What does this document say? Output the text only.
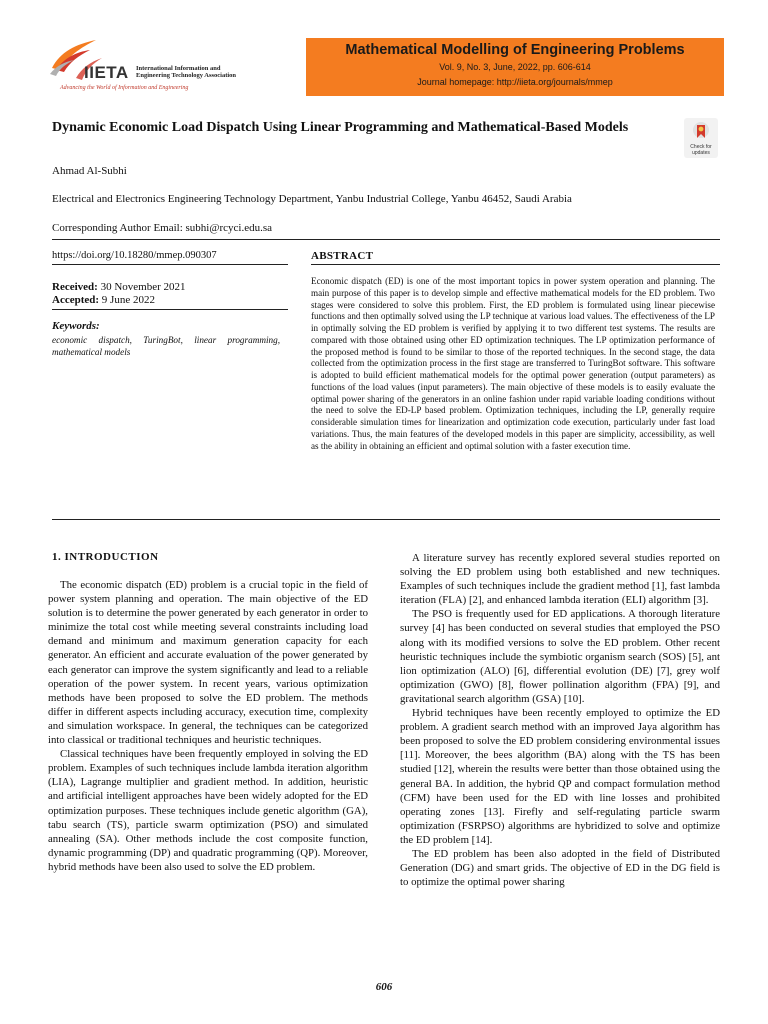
IIETA International Information and
Engineering Technology Association
Advancing the World of Information and Engineering
Mathematical Modelling of Engineering Problems
Vol. 9, No. 3, June, 2022, pp. 606-614
Journal homepage: http://iieta.org/journals/mmep
Dynamic Economic Load Dispatch Using Linear Programming and Mathematical-Based Models
Check for
updates
Ahmad Al-Subhi
Electrical and Electronics Engineering Technology Department, Yanbu Industrial College, Yanbu 46452, Saudi Arabia
Corresponding Author Email: subhi@rcyci.edu.sa
https://doi.org/10.18280/mmep.090307	ABSTRACT
Received: 30 November 2021
Accepted: 9 June 2022
Keywords:
economic dispatch, TuringBot, linear programming, mathematical models
Economic dispatch (ED) is one of the most important topics in power system operation and planning. The main purpose of this paper is to develop simple and effective mathematical models for the ED problem. Two stages were considered to solve this problem. First, the ED problem is formulated using linear piecewise functions and then optimally solved using the LP technique at various load values. The effectiveness of the LP in optimally solving the ED problem is verified by applying it to two different test systems. The results are compared with those obtained using other ED optimization techniques. The LP optimization performance of the proposed method is found to be similar to those of the reported techniques. In the second stage, the data collected from the optimization process in the first stage are transferred to TuringBot software. This software is adopted to build efficient mathematical models for the optimal power generation (output parameters) as functions of the load values (input parameters). The main objective of these models is to easily evaluate the optimal power sharing of the generators in an online fashion under rapid variable loading conditions without the need to solve the ED-LP based problem. Optimization techniques, including the LP, generally require considerable simulation times for linearization and optimization code execution, particularly under fast load variations. Thus, the main features of the developed models in this paper are simplicity, accessibility, as well as the ability in obtaining an efficient and optimal solution with a faster execution time.
1. INTRODUCTION

The economic dispatch (ED) problem is a crucial topic in the field of power system planning and operation. The main objective of the ED solution is to determine the power generated by each generator in order to minimize the total cost while meeting several constraints including load demand and minimum and maximum generation capacity for each generator. An efficient and accurate evaluation of the power generated by each generator can improve the system significantly and lead to a reliable operation of the power system. In recent years, various optimization methods have been proposed to solve the ED problem. The methods differ in different aspects including accuracy, execution time, complexity and simulation workspace. In general, the techniques can be categorized into classical or traditional techniques and heuristic techniques.

Classical techniques have been frequently employed in solving the ED problem. Examples of such techniques include lambda iteration algorithm (LIA), Lagrange multiplier and gradient method. In addition, heuristic and artificial intelligent approaches have been widely adopted for the ED optimization purposes. These techniques include genetic algorithm (GA), tabu search (TS), particle swarm optimization (PSO) and simulated annealing (SA). Other methods include the cost composite function, dynamic programming (DP) and quadratic programming (QP). Moreover, hybrid methods have been also used to solve the ED problem.

A literature survey has recently explored several studies reported on solving the ED problem using both established and new techniques. Examples of such techniques include the gradient method [1], fast lambda iteration (FLA) [2], and enhanced lambda iteration (ELI) algorithm [3].

The PSO is frequently used for ED applications. A thorough literature survey [4] has been conducted on several studies that employed the PSO along with its modified versions to solve the ED problem. Other recent heuristic techniques include the symbiotic organism search (SOS) [5], ant lion optimization (ALO) [6], differential evolution (DE) [7], grey wolf optimization (GWO) [8], flower pollination algorithm (FPA) [9], and gravitational search algorithm (GSA) [10].

Hybrid techniques have been recently employed to optimize the ED problem. A gradient search method with an improved Jaya algorithm has been proposed to solve the ED problem considering environmental issues [11]. Moreover, the bees algorithm (BA) along with the TS has been studied [12], wherein the results were better than those obtained using the general BA. In addition, the hybrid QP and compact formulation method (CFM) have been used for the ED with line losses and prohibited operating zones [13]. Firefly and self-regulating particle swarm optimization (FSRPSO) algorithms are hybridized to solve and optimize the ED problem [14].

The ED problem has been also adopted in the field of Distributed Generation (DG) and smart grids. The objective of ED in the DG field is to optimize the optimal power sharing

606
